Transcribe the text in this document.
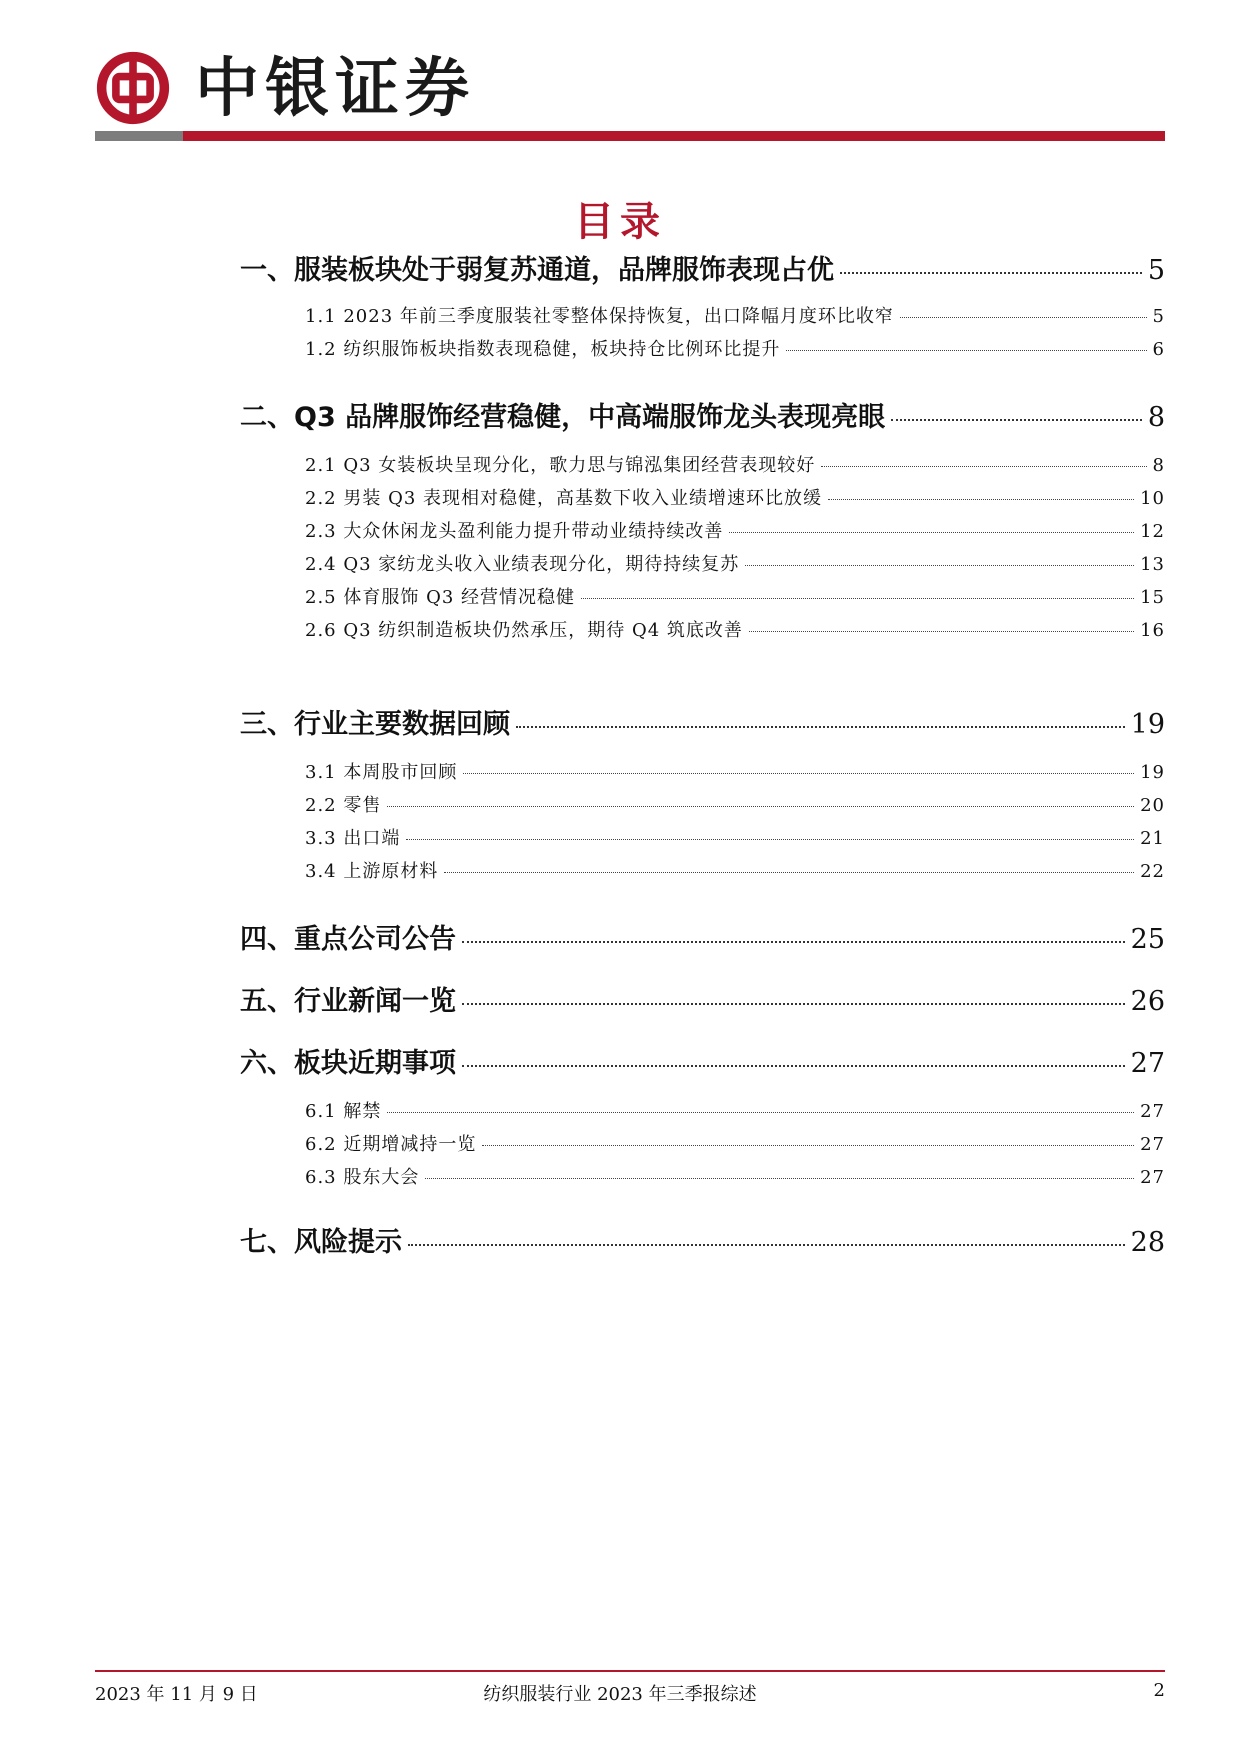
中银证券
目录
一、服装板块处于弱复苏通道，品牌服饰表现占优	5
1.1 2023 年前三季度服装社零整体保持恢复，出口降幅月度环比收窄	5
1.2 纺织服饰板块指数表现稳健，板块持仓比例环比提升	6
二、Q3 品牌服饰经营稳健，中高端服饰龙头表现亮眼	8
2.1 Q3 女装板块呈现分化，歌力思与锦泓集团经营表现较好	8
2.2 男装 Q3 表现相对稳健，高基数下收入业绩增速环比放缓	10
2.3 大众休闲龙头盈利能力提升带动业绩持续改善	12
2.4 Q3 家纺龙头收入业绩表现分化，期待持续复苏	13
2.5 体育服饰 Q3 经营情况稳健	15
2.6 Q3 纺织制造板块仍然承压，期待 Q4 筑底改善	16
三、行业主要数据回顾	19
3.1 本周股市回顾	19
2.2 零售	20
3.3 出口端	21
3.4 上游原材料	22
四、重点公司公告	25
五、行业新闻一览	26
六、板块近期事项	27
6.1 解禁	27
6.2 近期增减持一览	27
6.3 股东大会	27
七、风险提示	28
2023 年 11 月 9 日	纺织服装行业 2023 年三季报综述	2
